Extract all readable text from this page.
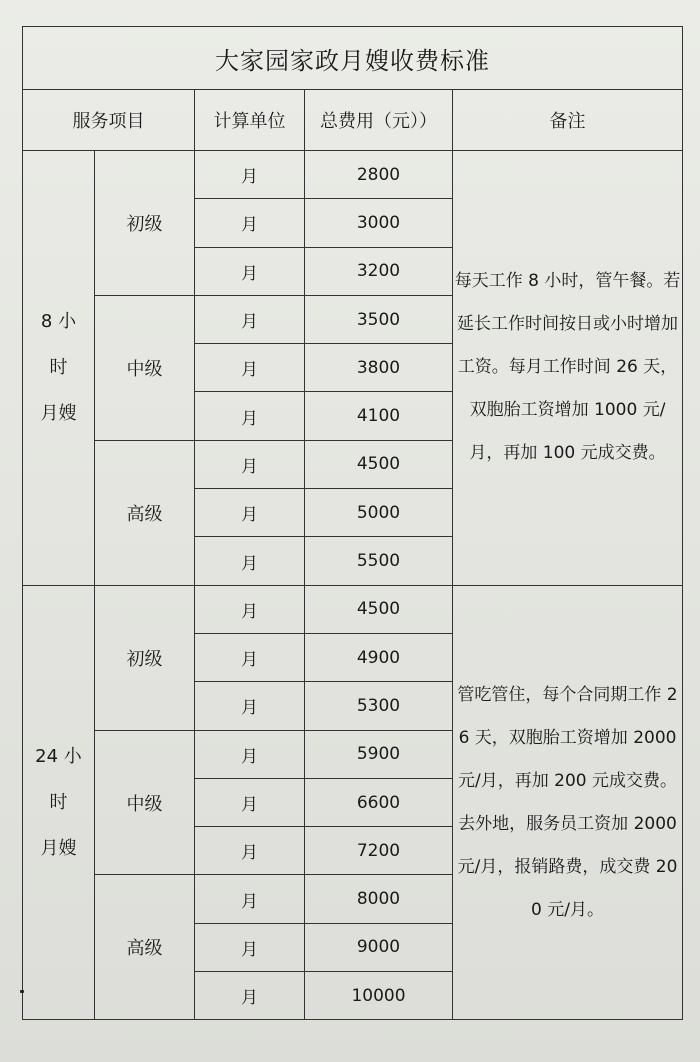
大家园家政月嫂收费标准				
服务项目		计算单位	总费用（元））	备注

8 小
时
月嫂	初级	月	2800	每天工作 8 小时，管午餐。若延长工作时间按日或小时增加工资。每月工作时间 26 天，双胞胎工资增加 1000 元/月，再加 100 元成交费。
		月	3000	
		月	3200	
	中级	月	3500	
		月	3800	
		月	4100	
	高级	月	4500	
		月	5000	
		月	5500	

24 小
时
月嫂	初级	月	4500	管吃管住，每个合同期工作 26 天，双胞胎工资增加 2000 元/月，再加 200 元成交费。去外地，服务员工资加 2000 元/月，报销路费，成交费 200 元/月。
		月	4900	
		月	5300	
	中级	月	5900	
		月	6600	
		月	7200	
	高级	月	8000	
		月	9000	
		月	10000	
